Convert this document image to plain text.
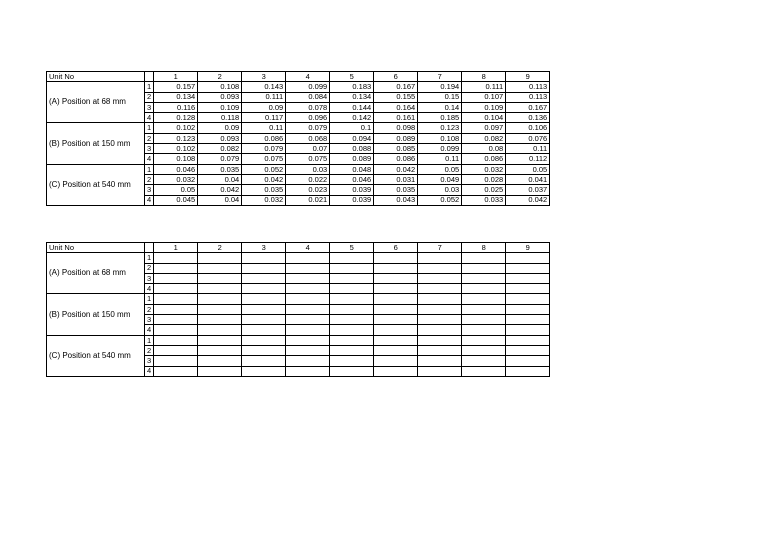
Unit No		1	2	3	4	5	6	7	8	9
(A) Position at 68 mm	1	0.157	0.108	0.143	0.099	0.183	0.167	0.194	0.111	0.113
	2	0.134	0.093	0.111	0.084	0.134	0.155	0.15	0.107	0.113
	3	0.116	0.109	0.09	0.078	0.144	0.164	0.14	0.109	0.167
	4	0.128	0.118	0.117	0.096	0.142	0.161	0.185	0.104	0.136
(B) Position at 150 mm	1	0.102	0.09	0.11	0.079	0.1	0.098	0.123	0.097	0.106
	2	0.123	0.093	0.086	0.068	0.094	0.089	0.108	0.082	0.076
	3	0.102	0.082	0.079	0.07	0.088	0.085	0.099	0.08	0.11
	4	0.108	0.079	0.075	0.075	0.089	0.086	0.11	0.086	0.112
(C) Position at 540 mm	1	0.046	0.035	0.052	0.03	0.048	0.042	0.05	0.032	0.05
	2	0.032	0.04	0.042	0.022	0.046	0.031	0.049	0.028	0.041
	3	0.05	0.042	0.035	0.023	0.039	0.035	0.03	0.025	0.037
	4	0.045	0.04	0.032	0.021	0.039	0.043	0.052	0.033	0.042
Unit No		1	2	3	4	5	6	7	8	9
(A) Position at 68 mm	1									
	2									
	3									
	4									
(B) Position at 150 mm	1									
	2									
	3									
	4									
(C) Position at 540 mm	1									
	2									
	3									
	4									
